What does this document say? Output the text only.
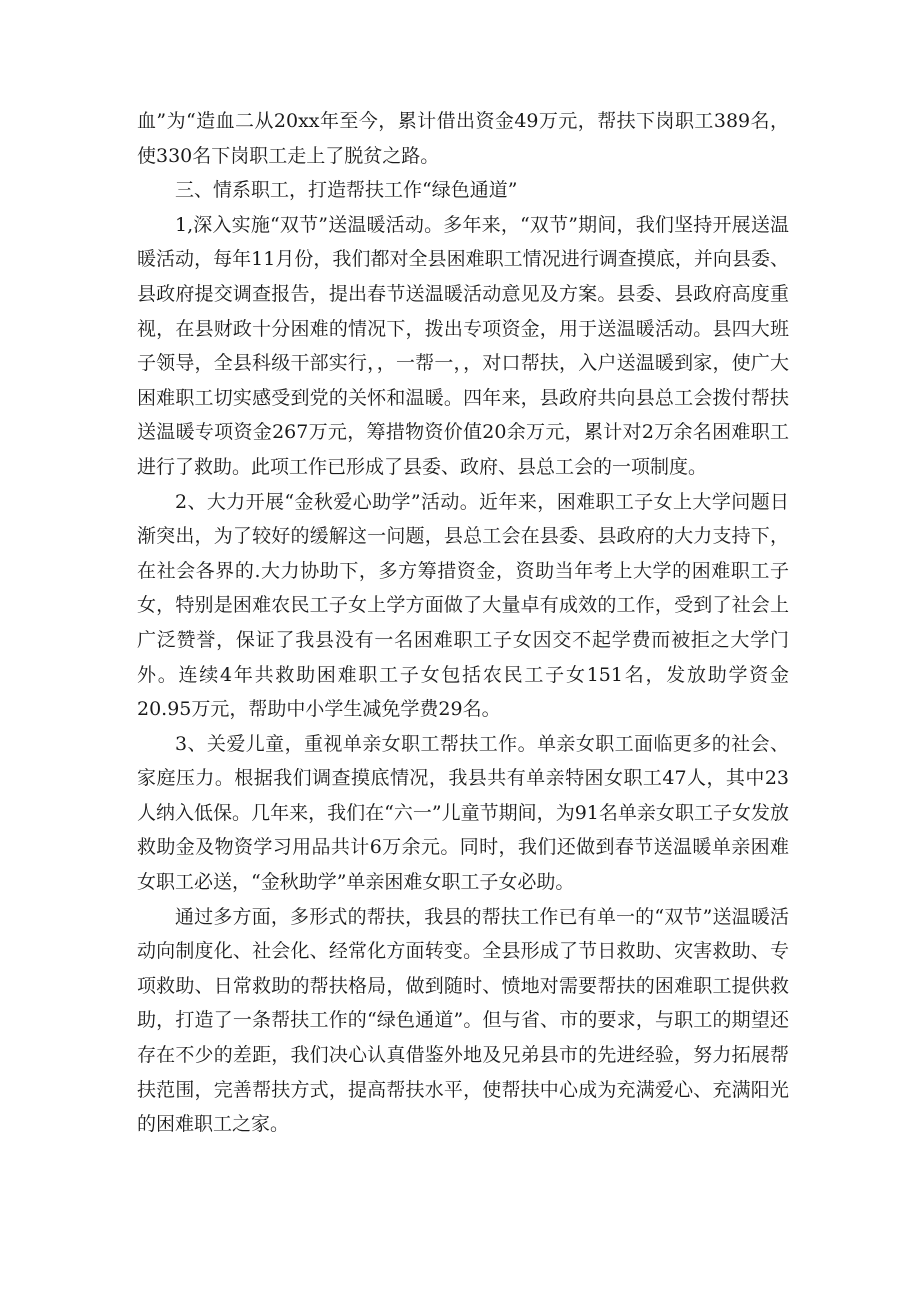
血”为“造血二从20xx年至今，累计借出资金49万元，帮扶下岗职工389名，使330名下岗职工走上了脱贫之路。

三、情系职工，打造帮扶工作“绿色通道”

1,深入实施“双节”送温暖活动。多年来，“双节”期间，我们坚持开展送温暖活动，每年11月份，我们都对全县困难职工情况进行调查摸底，并向县委、县政府提交调查报告，提出春节送温暖活动意见及方案。县委、县政府高度重视，在县财政十分困难的情况下，拨出专项资金，用于送温暖活动。县四大班子领导，全县科级干部实行，，一帮一，，对口帮扶，入户送温暖到家，使广大困难职工切实感受到党的关怀和温暖。四年来，县政府共向县总工会拨付帮扶送温暖专项资金267万元，筹措物资价值20余万元，累计对2万余名困难职工进行了救助。此项工作已形成了县委、政府、县总工会的一项制度。

2、大力开展“金秋爱心助学”活动。近年来，困难职工子女上大学问题日渐突出，为了较好的缓解这一问题，县总工会在县委、县政府的大力支持下，在社会各界的.大力协助下，多方筹措资金，资助当年考上大学的困难职工子女，特别是困难农民工子女上学方面做了大量卓有成效的工作，受到了社会上广泛赞誉，保证了我县没有一名困难职工子女因交不起学费而被拒之大学门外。连续4年共救助困难职工子女包括农民工子女151名，发放助学资金20.95万元，帮助中小学生减免学费29名。

3、关爱儿童，重视单亲女职工帮扶工作。单亲女职工面临更多的社会、家庭压力。根据我们调查摸底情况，我县共有单亲特困女职工47人，其中23人纳入低保。几年来，我们在“六一”儿童节期间，为91名单亲女职工子女发放救助金及物资学习用品共计6万余元。同时，我们还做到春节送温暖单亲困难女职工必送，“金秋助学”单亲困难女职工子女必助。

通过多方面，多形式的帮扶，我县的帮扶工作已有单一的“双节”送温暖活动向制度化、社会化、经常化方面转变。全县形成了节日救助、灾害救助、专项救助、日常救助的帮扶格局，做到随时、愤地对需要帮扶的困难职工提供救助，打造了一条帮扶工作的“绿色通道”。但与省、市的要求，与职工的期望还存在不少的差距，我们决心认真借鉴外地及兄弟县市的先进经验，努力拓展帮扶范围，完善帮扶方式，提高帮扶水平，使帮扶中心成为充满爱心、充满阳光的困难职工之家。
